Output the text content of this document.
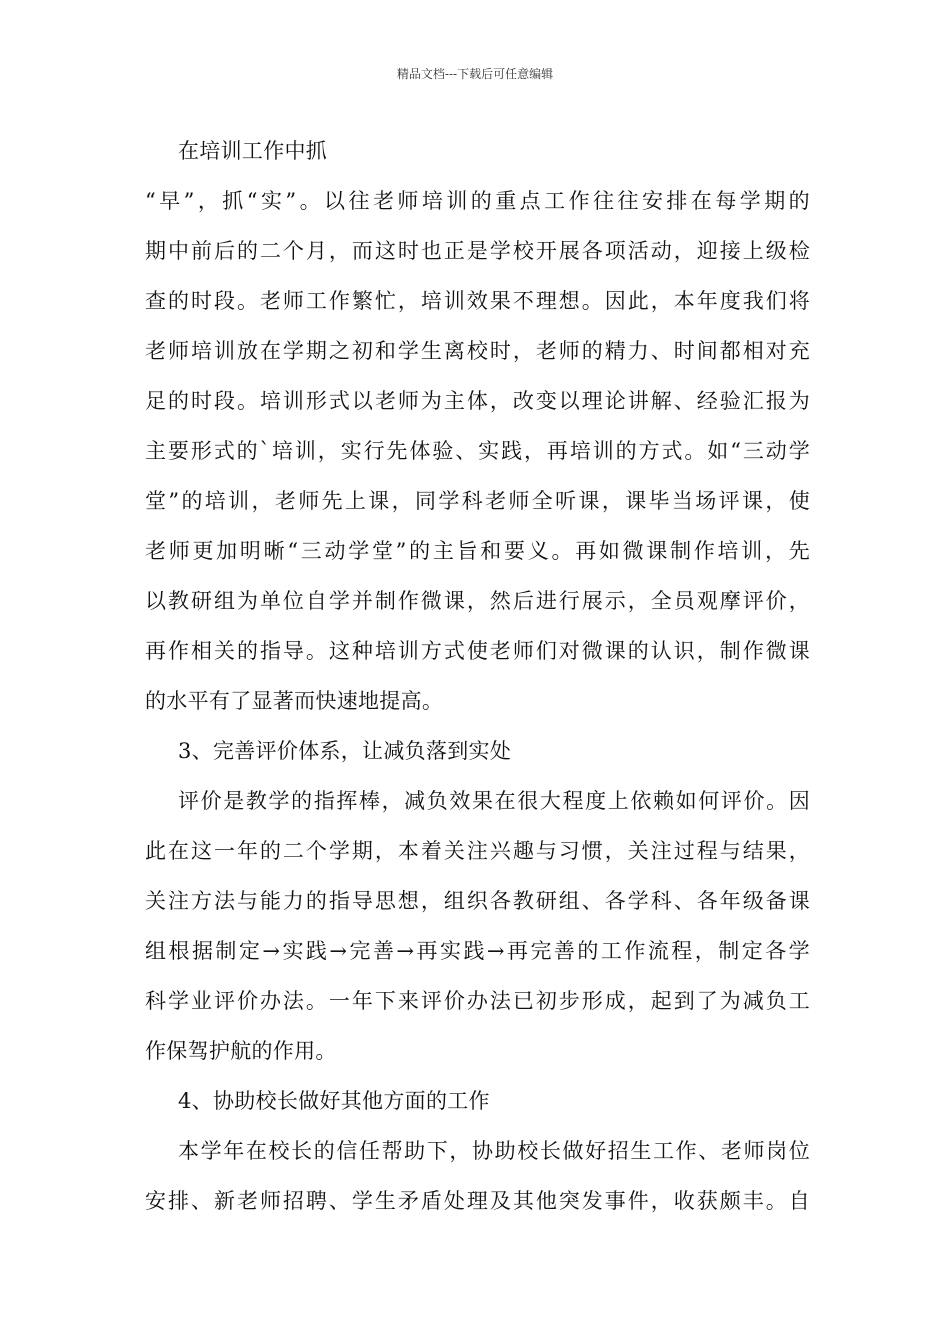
精品文档---下载后可任意编辑
在培训工作中抓
“早”，抓“实”。以往老师培训的重点工作往往安排在每学期的
期中前后的二个月，而这时也正是学校开展各项活动，迎接上级检
查的时段。老师工作繁忙，培训效果不理想。因此，本年度我们将
老师培训放在学期之初和学生离校时，老师的精力、时间都相对充
足的时段。培训形式以老师为主体，改变以理论讲解、经验汇报为
主要形式的`培训，实行先体验、实践，再培训的方式。如“三动学
堂”的培训，老师先上课，同学科老师全听课，课毕当场评课，使
老师更加明晰“三动学堂”的主旨和要义。再如微课制作培训，先
以教研组为单位自学并制作微课，然后进行展示，全员观摩评价，
再作相关的指导。这种培训方式使老师们对微课的认识，制作微课
的水平有了显著而快速地提高。
3、完善评价体系，让减负落到实处
评价是教学的指挥棒，减负效果在很大程度上依赖如何评价。因
此在这一年的二个学期，本着关注兴趣与习惯，关注过程与结果，
关注方法与能力的指导思想，组织各教研组、各学科、各年级备课
组根据制定→实践→完善→再实践→再完善的工作流程，制定各学
科学业评价办法。一年下来评价办法已初步形成，起到了为减负工
作保驾护航的作用。
4、协助校长做好其他方面的工作
本学年在校长的信任帮助下，协助校长做好招生工作、老师岗位
安排、新老师招聘、学生矛盾处理及其他突发事件，收获颇丰。自
